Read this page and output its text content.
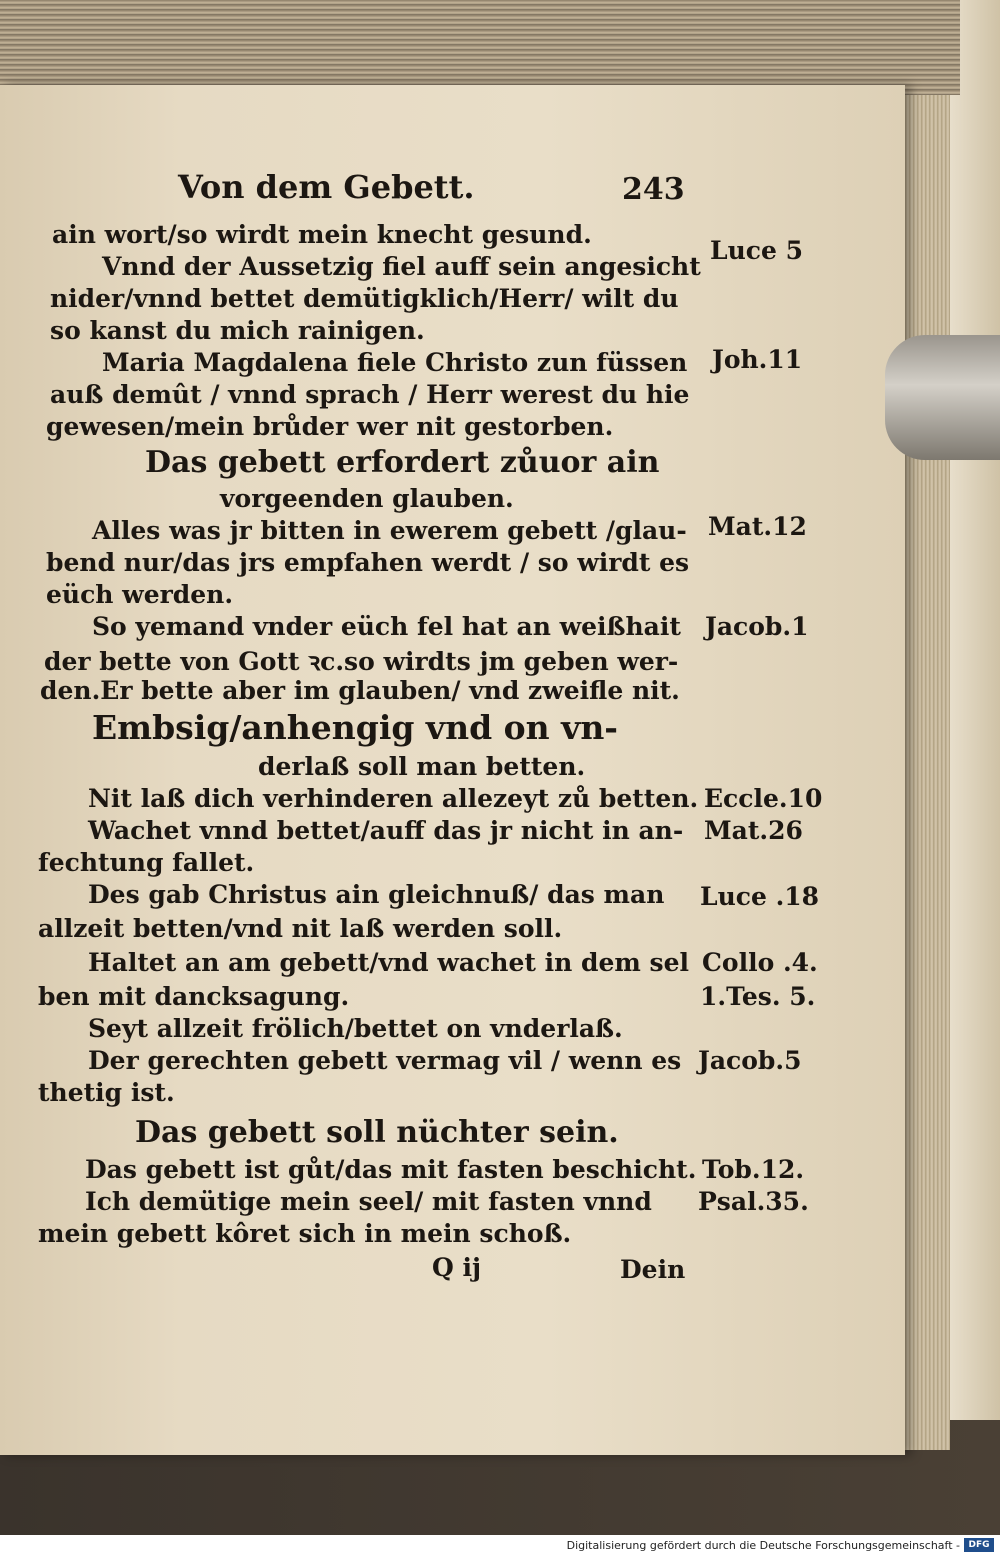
Von dem Gebett.	243
ain wort/so wirdt mein knecht gesund.
Vnnd der Aussetzig fiel auff sein angesicht
nider/vnnd bettet demütigklich/Herr/ wilt du
so kanst du mich rainigen.
Maria Magdalena fiele Christo zun füssen
auß demût / vnnd sprach / Herr werest du hie
gewesen/mein brůder wer nit gestorben.
Das gebett erfordert zůuor ain
vorgeenden glauben.
Alles was jr bitten in ewerem gebett /glau-
bend nur/das jrs empfahen werdt / so wirdt es
eüch werden.
So yemand vnder eüch fel hat an weißhait
der bette von Gott ꝛc.so wirdts jm geben wer-
den.Er bette aber im glauben/ vnd zweifle nit.
Embsig/anhengig vnd on vn-
derlaß soll man betten.
Nit laß dich verhinderen allezeyt zů betten.
Wachet vnnd bettet/auff das jr nicht in an-
fechtung fallet.
Des gab Christus ain gleichnuß/ das man
allzeit betten/vnd nit laß werden soll.
Haltet an am gebett/vnd wachet in dem sel
ben mit dancksagung.
Seyt allzeit frölich/bettet on vnderlaß.
Der gerechten gebett vermag vil / wenn es
thetig ist.
Das gebett soll nüchter sein.
Das gebett ist gůt/das mit fasten beschicht.
Ich demütige mein seel/ mit fasten vnnd
mein gebett kôret sich in mein schoß.
Q ij	Dein
Luce 5
Joh.11
Mat.12
Jacob.1
Eccle.10
Mat.26
Luce .18
Collo .4.
1.Tes. 5.
Jacob.5
Tob.12.
Psal.35.
Digitalisierung gefördert durch die Deutsche Forschungsgemeinschaft - DFG
